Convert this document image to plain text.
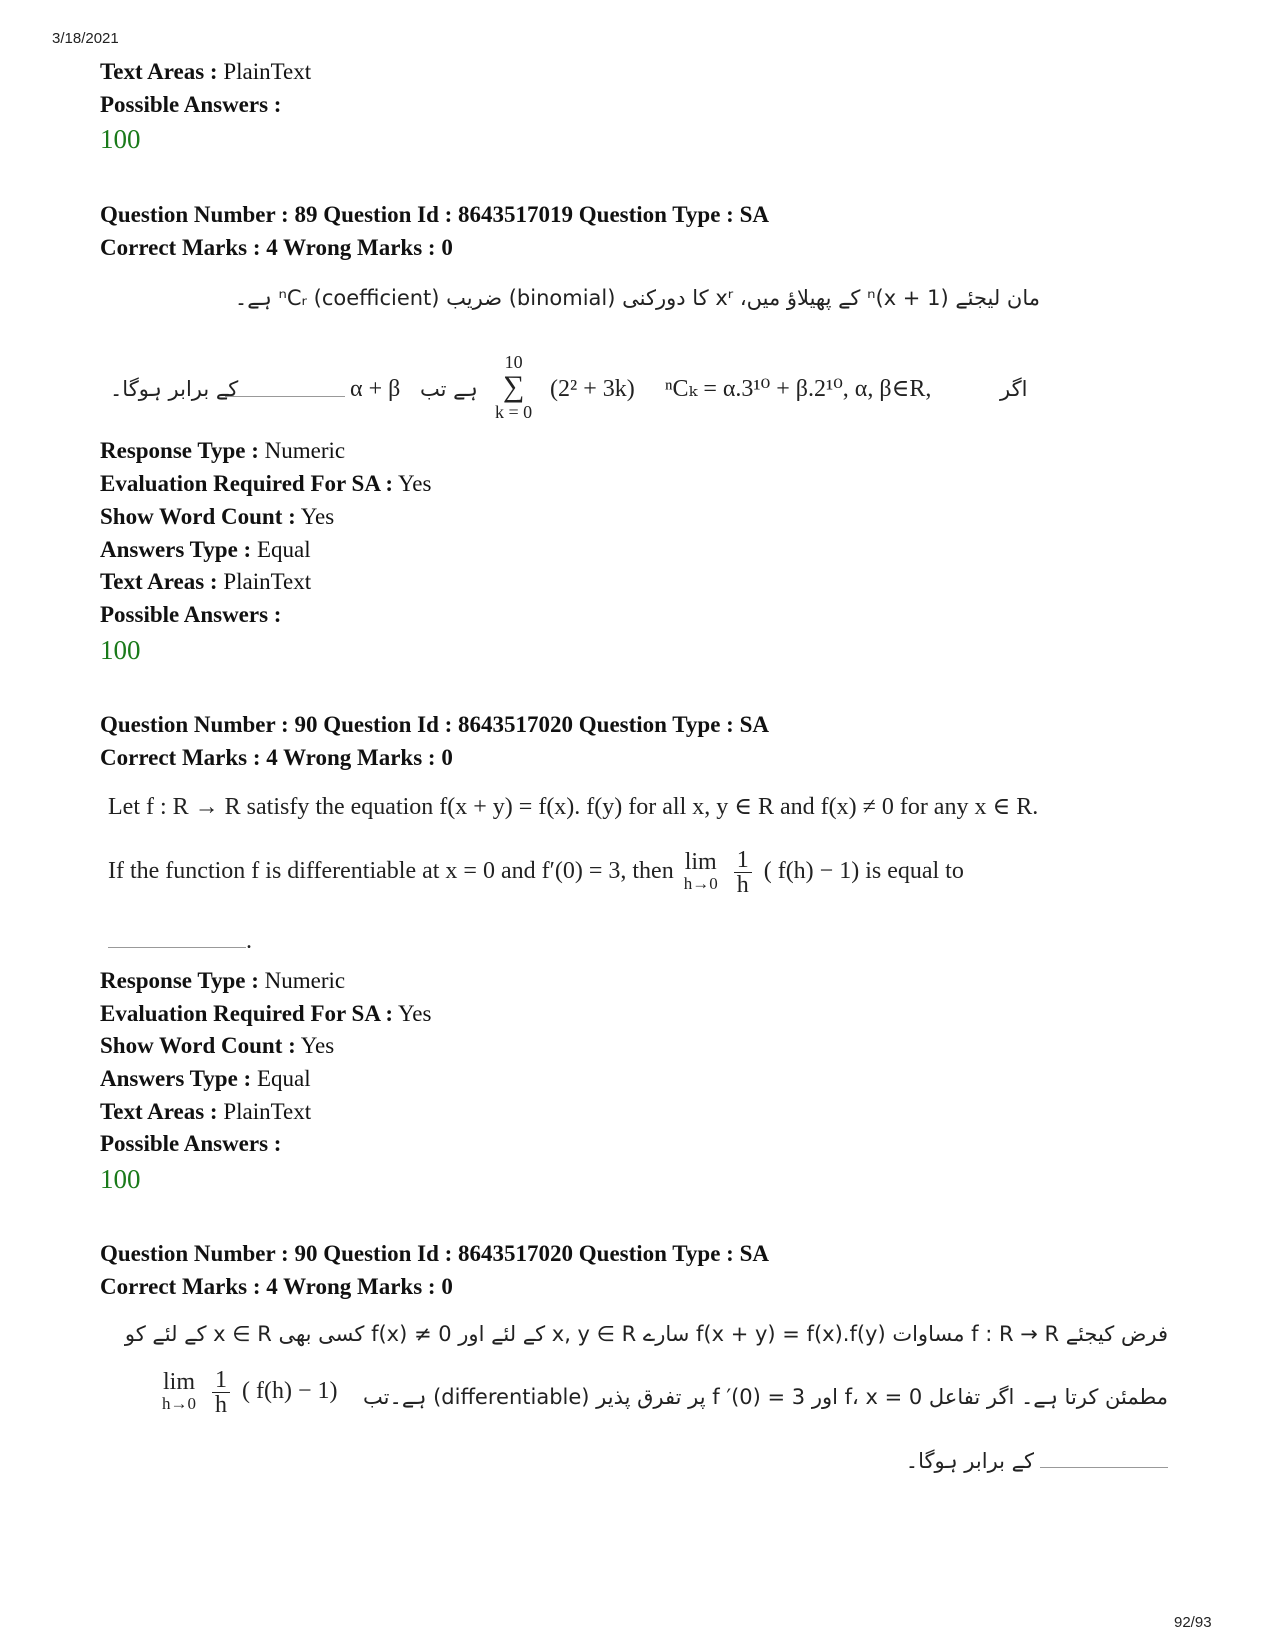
3/18/2021
92/93
Text Areas : PlainText
Possible Answers :
100
Question Number : 89 Question Id : 8643517019 Question Type : SA
Correct Marks : 4 Wrong Marks : 0
مان لیجئے (1 + x)ⁿ کے پھیلاؤ میں، xʳ کا دورکنی (binomial) ضریب (coefficient) ⁿCᵣ ہے۔
کے برابر ہوگا۔	α + β ہے تب
10
∑
k = 0
(2² + 3k) ⁿCₖ = α.3¹⁰ + β.2¹⁰, α, β∈R,	اگر
Response Type : Numeric
Evaluation Required For SA : Yes
Show Word Count : Yes
Answers Type : Equal
Text Areas : PlainText
Possible Answers :
100
Question Number : 90 Question Id : 8643517020 Question Type : SA
Correct Marks : 4 Wrong Marks : 0
Let f : R → R satisfy the equation f(x + y) = f(x). f(y) for all x, y ∈ R and f(x) ≠ 0 for any x ∈ R.
If the function f is differentiable at x = 0 and f′(0) = 3, then lim
h→0
$\frac{1}{h}$ ( f(h) − 1) is equal to
.
Response Type : Numeric
Evaluation Required For SA : Yes
Show Word Count : Yes
Answers Type : Equal
Text Areas : PlainText
Possible Answers :
100
Question Number : 90 Question Id : 8643517020 Question Type : SA
Correct Marks : 4 Wrong Marks : 0
فرض کیجئے f : R → R مساوات f(x + y) = f(x).f(y) سارے x, y ∈ R کے لئے اور f(x) ≠ 0 کسی بھی x ∈ R کے لئے کو
lim
h→0
$\frac{1}{h}$ ( f(h) − 1) مطمئن کرتا ہے۔ اگر تفاعل f، x = 0 اور f ′(0) = 3 پر تفرق پذیر (differentiable) ہے۔تب
کے برابر ہوگا۔
